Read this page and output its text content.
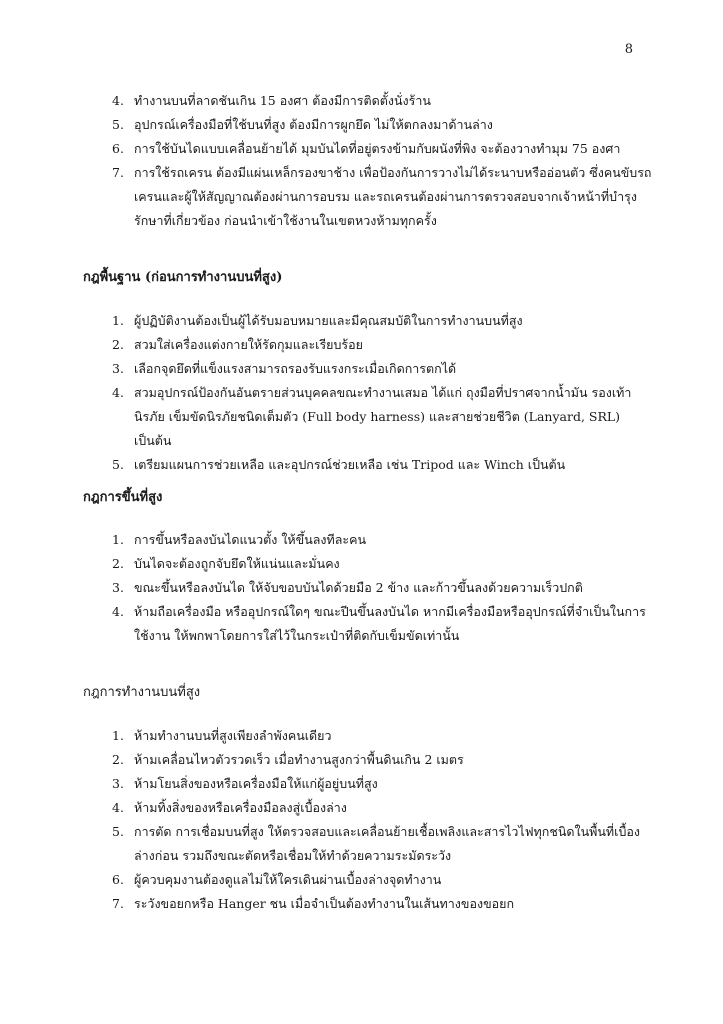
8
4. ทำงานบนที่ลาดชันเกิน 15 องศา ต้องมีการติดตั้งนั่งร้าน
5. อุปกรณ์เครื่องมือที่ใช้บนที่สูง ต้องมีการผูกยึด ไม่ให้ตกลงมาด้านล่าง
6. การใช้บันไดแบบเคลื่อนย้ายได้ มุมบันไดที่อยู่ตรงข้ามกับผนังที่พิง จะต้องวางทำมุม 75 องศา
7. การใช้รถเครน ต้องมีแผ่นเหล็กรองขาช้าง เพื่อป้องกันการวางไม่ได้ระนาบหรืออ่อนตัว ซึ่งคนขับรถเครนและผู้ให้สัญญาณต้องผ่านการอบรม และรถเครนต้องผ่านการตรวจสอบจากเจ้าหน้าที่บำรุงรักษาที่เกี่ยวข้อง ก่อนนำเข้าใช้งานในเขตหวงห้ามทุกครั้ง
กฎพื้นฐาน (ก่อนการทำงานบนที่สูง)
1. ผู้ปฏิบัติงานต้องเป็นผู้ได้รับมอบหมายและมีคุณสมบัติในการทำงานบนที่สูง
2. สวมใส่เครื่องแต่งกายให้รัดกุมและเรียบร้อย
3. เลือกจุดยึดที่แข็งแรงสามารถรองรับแรงกระเมื่อเกิดการตกได้
4. สวมอุปกรณ์ป้องกันอันตรายส่วนบุคคลขณะทำงานเสมอ ได้แก่ ถุงมือที่ปราศจากน้ำมัน รองเท้านิรภัย เข็มขัดนิรภัยชนิดเต็มตัว (Full body harness) และสายช่วยชีวิต (Lanyard, SRL) เป็นต้น
5. เตรียมแผนการช่วยเหลือ และอุปกรณ์ช่วยเหลือ เช่น Tripod และ Winch เป็นต้น
กฎการขึ้นที่สูง
1. การขึ้นหรือลงบันไดแนวตั้ง ให้ขึ้นลงทีละคน
2. บันไดจะต้องถูกจับยึดให้แน่นและมั่นคง
3. ขณะขึ้นหรือลงบันได ให้จับขอบบันไดด้วยมือ 2 ข้าง และก้าวขึ้นลงด้วยความเร็วปกติ
4. ห้ามถือเครื่องมือ หรืออุปกรณ์ใดๆ ขณะปีนขึ้นลงบันได หากมีเครื่องมือหรืออุปกรณ์ที่จำเป็นในการใช้งาน ให้พกพาโดยการใส่ไว้ในกระเป๋าที่ติดกับเข็มขัดเท่านั้น
กฎการทำงานบนที่สูง
1. ห้ามทำงานบนที่สูงเพียงลำพังคนเดียว
2. ห้ามเคลื่อนไหวตัวรวดเร็ว เมื่อทำงานสูงกว่าพื้นดินเกิน 2 เมตร
3. ห้ามโยนสิ่งของหรือเครื่องมือให้แก่ผู้อยู่บนที่สูง
4. ห้ามทิ้งสิ่งของหรือเครื่องมือลงสู่เบื้องล่าง
5. การตัด การเชื่อมบนที่สูง ให้ตรวจสอบและเคลื่อนย้ายเชื้อเพลิงและสารไวไฟทุกชนิดในพื้นที่เบื้องล่างก่อน รวมถึงขณะตัดหรือเชื่อมให้ทำด้วยความระมัดระวัง
6. ผู้ควบคุมงานต้องดูแลไม่ให้ใครเดินผ่านเบื้องล่างจุดทำงาน
7. ระวังขอยกหรือ Hanger ชน เมื่อจำเป็นต้องทำงานในเส้นทางของขอยก
